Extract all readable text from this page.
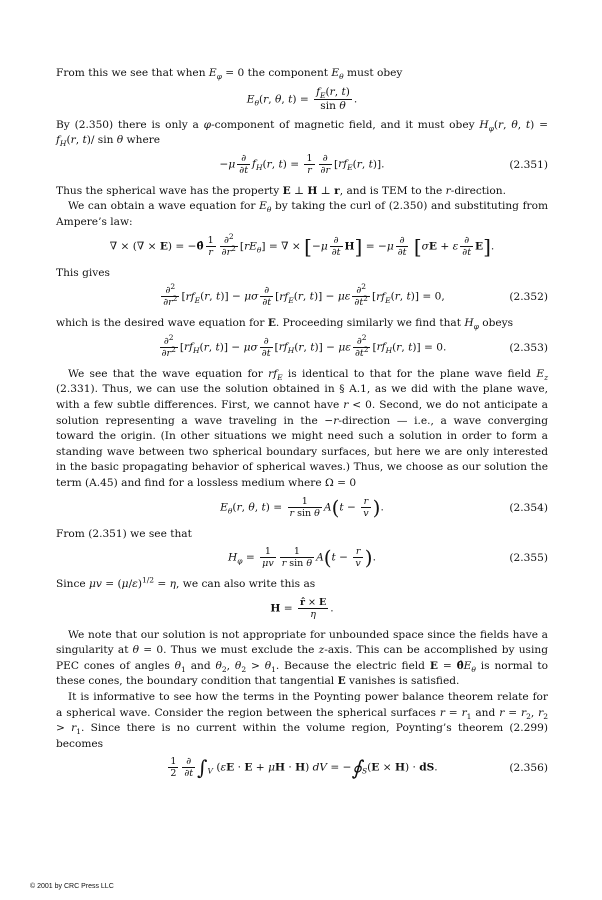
From this we see that when $E_\varphi = 0$ the component $E_\theta$ must obey

$E_\theta(r$, θ, $t) = \frac{f_E(r, t)}{\text{sin θ}}$ .

By (2.350) there is only a φ-component of magnetic field, and it must obey $H_\varphi(r$, θ, $t) = f_H(r$, t)/ sin θ where

$-\mu \frac{\partial}{\partial t} f_H(r$, $t) = \frac{1}{r} \frac{\partial}{\partial r} [rf_E(r$, t)].	(2.351)

Thus the spherical wave has the property E ⊥ H ⊥ r, and is TEM to the r-direction.

We can obtain a wave equation for $E_\theta$ by taking the curl of (2.350) and substituting from Ampere’s law:

∇ × (∇ × E) = −θ̂ $\frac{1}{r} \frac{\partial^2}{\partial r^2} [rE_\theta]$ = ∇ × $[-\mu \frac{\partial}{\partial t} H] = -\mu \frac{\partial}{\partial t} [\sigma E + \varepsilon \frac{\partial}{\partial t} E]$.

This gives

$\frac{\partial^2}{\partial r^2} [rf_E(r$, t)] − μσ $\frac{\partial}{\partial t} [rf_E(r$, t)] − με $\frac{\partial^2}{\partial t^2} [rf_E(r$, t)] = 0,	(2.352)

which is the desired wave equation for E. Proceeding similarly we find that $H_\varphi$ obeys

$\frac{\partial^2}{\partial r^2} [rf_H(r$, t)] − μσ $\frac{\partial}{\partial t} [rf_H(r$, t)] − με $\frac{\partial^2}{\partial t^2} [rf_H(r$, t)] = 0.	(2.353)

We see that the wave equation for $rf_E$ is identical to that for the plane wave field $E_z$ (2.331). Thus, we can use the solution obtained in § A.1, as we did with the plane wave, with a few subtle differences. First, we cannot have r < 0. Second, we do not anticipate a solution representing a wave traveling in the −r-direction — i.e., a wave converging toward the origin. (In other situations we might need such a solution in order to form a standing wave between two spherical boundary surfaces, but here we are only interested in the basic propagating behavior of spherical waves.) Thus, we choose as our solution the term (A.45) and find for a lossless medium where Ω = 0

$E_\theta(r$, θ, $t) = \frac{1}{\text{r sin θ}} A(t - \frac{r}{v}$ ).	(2.354)

From (2.351) we see that

$H_\varphi = \frac{1}{\mu v} \frac{1}{\text{r sin θ}} A(t - \frac{r}{v}$ ).	(2.355)

Since $\mu v = (\mu/\varepsilon)^{1/2} = \eta$, we can also write this as

$H = \frac{r̂ \times E}{\eta}$ .

We note that our solution is not appropriate for unbounded space since the fields have a singularity at θ = 0. Thus we must exclude the z-axis. This can be accomplished by using PEC cones of angles $\theta_1$ and $\theta_2$, $\theta_2 > \theta_1$. Because the electric field $E = \thetâE_\theta$ is normal to these cones, the boundary condition that tangential E vanishes is satisfied.

It is informative to see how the terms in the Poynting power balance theorem relate for a spherical wave. Consider the region between the spherical surfaces $r = r_1$ and $r = r_2$, $r_2 > r_1$. Since there is no current within the volume region, Poynting’s theorem (2.299) becomes

$\frac{1}{2} \frac{\partial}{\partial t} \int_V$ (εE · E + μH · H) dV = $-∮_S(E \times H)$ · dS.	(2.356)
© 2001 by CRC Press LLC
